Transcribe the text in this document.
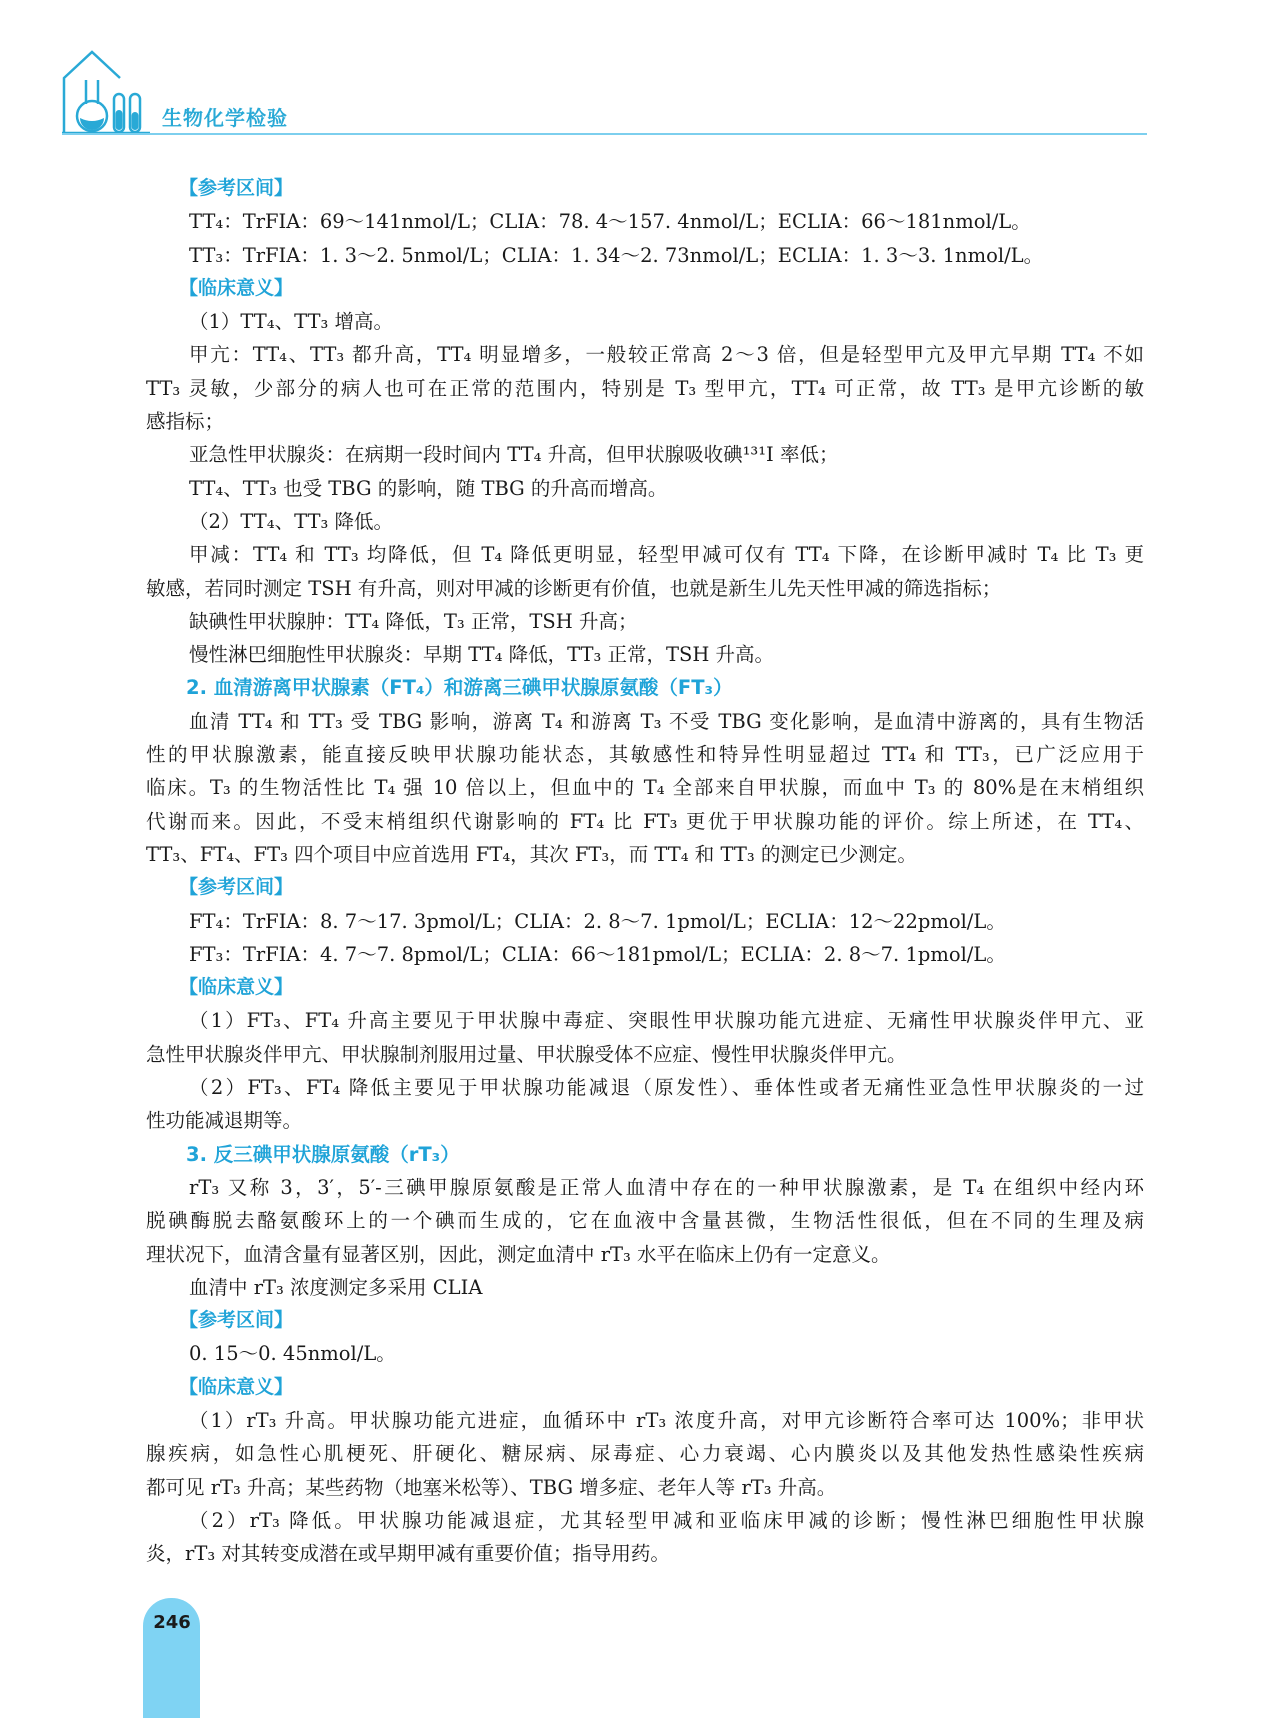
生物化学检验
【参考区间】
TT₄：TrFIA：69～141nmol/L；CLIA：78. 4～157. 4nmol/L；ECLIA：66～181nmol/L。
TT₃：TrFIA：1. 3～2. 5nmol/L；CLIA：1. 34～2. 73nmol/L；ECLIA：1. 3～3. 1nmol/L。
【临床意义】
（1）TT₄、TT₃ 增高。
甲亢：TT₄、TT₃ 都升高，TT₄ 明显增多，一般较正常高 2～3 倍，但是轻型甲亢及甲亢早期 TT₄ 不如
TT₃ 灵敏，少部分的病人也可在正常的范围内，特别是 T₃ 型甲亢，TT₄ 可正常，故 TT₃ 是甲亢诊断的敏
感指标；
亚急性甲状腺炎：在病期一段时间内 TT₄ 升高，但甲状腺吸收碘¹³¹I 率低；
TT₄、TT₃ 也受 TBG 的影响，随 TBG 的升高而增高。
（2）TT₄、TT₃ 降低。
甲减：TT₄ 和 TT₃ 均降低，但 T₄ 降低更明显，轻型甲减可仅有 TT₄ 下降，在诊断甲减时 T₄ 比 T₃ 更
敏感，若同时测定 TSH 有升高，则对甲减的诊断更有价值，也就是新生儿先天性甲减的筛选指标；
缺碘性甲状腺肿：TT₄ 降低，T₃ 正常，TSH 升高；
慢性淋巴细胞性甲状腺炎：早期 TT₄ 降低，TT₃ 正常，TSH 升高。
2. 血清游离甲状腺素（FT₄）和游离三碘甲状腺原氨酸（FT₃）
血清 TT₄ 和 TT₃ 受 TBG 影响，游离 T₄ 和游离 T₃ 不受 TBG 变化影响，是血清中游离的，具有生物活
性的甲状腺激素，能直接反映甲状腺功能状态，其敏感性和特异性明显超过 TT₄ 和 TT₃，已广泛应用于
临床。T₃ 的生物活性比 T₄ 强 10 倍以上，但血中的 T₄ 全部来自甲状腺，而血中 T₃ 的 80%是在末梢组织
代谢而来。因此，不受末梢组织代谢影响的 FT₄ 比 FT₃ 更优于甲状腺功能的评价。综上所述，在 TT₄、
TT₃、FT₄、FT₃ 四个项目中应首选用 FT₄，其次 FT₃，而 TT₄ 和 TT₃ 的测定已少测定。
【参考区间】
FT₄：TrFIA：8. 7～17. 3pmol/L；CLIA：2. 8～7. 1pmol/L；ECLIA：12～22pmol/L。
FT₃：TrFIA：4. 7～7. 8pmol/L；CLIA：66～181pmol/L；ECLIA：2. 8～7. 1pmol/L。
【临床意义】
（1）FT₃、FT₄ 升高主要见于甲状腺中毒症、突眼性甲状腺功能亢进症、无痛性甲状腺炎伴甲亢、亚
急性甲状腺炎伴甲亢、甲状腺制剂服用过量、甲状腺受体不应症、慢性甲状腺炎伴甲亢。
（2）FT₃、FT₄ 降低主要见于甲状腺功能减退（原发性）、垂体性或者无痛性亚急性甲状腺炎的一过
性功能减退期等。
3. 反三碘甲状腺原氨酸（rT₃）
rT₃ 又称 3，3′，5′-三碘甲腺原氨酸是正常人血清中存在的一种甲状腺激素，是 T₄ 在组织中经内环
脱碘酶脱去酪氨酸环上的一个碘而生成的，它在血液中含量甚微，生物活性很低，但在不同的生理及病
理状况下，血清含量有显著区别，因此，测定血清中 rT₃ 水平在临床上仍有一定意义。
血清中 rT₃ 浓度测定多采用 CLIA
【参考区间】
0. 15～0. 45nmol/L。
【临床意义】
（1）rT₃ 升高。甲状腺功能亢进症，血循环中 rT₃ 浓度升高，对甲亢诊断符合率可达 100%；非甲状
腺疾病，如急性心肌梗死、肝硬化、糖尿病、尿毒症、心力衰竭、心内膜炎以及其他发热性感染性疾病
都可见 rT₃ 升高；某些药物（地塞米松等）、TBG 增多症、老年人等 rT₃ 升高。
（2）rT₃ 降低。甲状腺功能减退症，尤其轻型甲减和亚临床甲减的诊断；慢性淋巴细胞性甲状腺
炎，rT₃ 对其转变成潜在或早期甲减有重要价值；指导用药。
246
